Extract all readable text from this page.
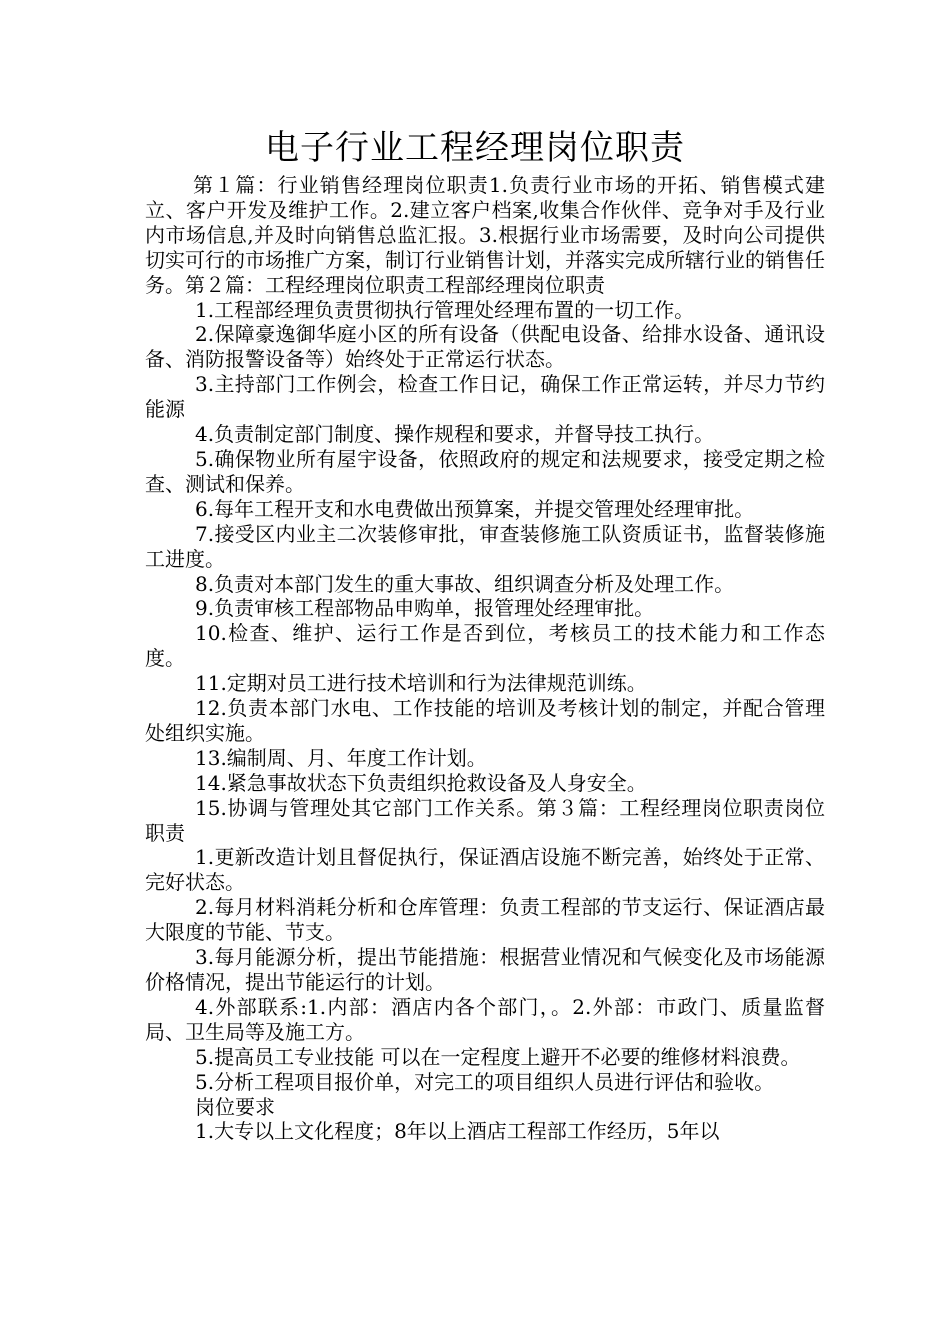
电子行业工程经理岗位职责

第１篇：行业销售经理岗位职责1.负责行业市场的开拓、销售模式建立、客户开发及维护工作。2.建立客户档案,收集合作伙伴、竞争对手及行业内市场信息,并及时向销售总监汇报。3.根据行业市场需要，及时向公司提供切实可行的市场推广方案，制订行业销售计划，并落实完成所辖行业的销售任务。第２篇：工程经理岗位职责工程部经理岗位职责

1.工程部经理负责贯彻执行管理处经理布置的一切工作。

2.保障豪逸御华庭小区的所有设备（供配电设备、给排水设备、通讯设备、消防报警设备等）始终处于正常运行状态。

3.主持部门工作例会，检查工作日记，确保工作正常运转，并尽力节约能源

4.负责制定部门制度、操作规程和要求，并督导技工执行。

5.确保物业所有屋宇设备，依照政府的规定和法规要求，接受定期之检查、测试和保养。

6.每年工程开支和水电费做出预算案，并提交管理处经理审批。

7.接受区内业主二次装修审批，审查装修施工队资质证书，监督装修施工进度。

8.负责对本部门发生的重大事故、组织调查分析及处理工作。

9.负责审核工程部物品申购单，报管理处经理审批。

10.检查、维护、运行工作是否到位，考核员工的技术能力和工作态度。

11.定期对员工进行技术培训和行为法律规范训练。

12.负责本部门水电、工作技能的培训及考核计划的制定，并配合管理处组织实施。

13.编制周、月、年度工作计划。

14.紧急事故状态下负责组织抢救设备及人身安全。

15.协调与管理处其它部门工作关系。第３篇：工程经理岗位职责岗位职责

1.更新改造计划且督促执行，保证酒店设施不断完善，始终处于正常、完好状态。

2.每月材料消耗分析和仓库管理：负责工程部的节支运行、保证酒店最大限度的节能、节支。

3.每月能源分析，提出节能措施：根据营业情况和气候变化及市场能源价格情况，提出节能运行的计划。

4.外部联系:1.内部：酒店内各个部门，。2.外部：市政门、质量监督局、卫生局等及施工方。

5.提高员工专业技能 可以在一定程度上避开不必要的维修材料浪费。

5.分析工程项目报价单，对完工的项目组织人员进行评估和验收。

岗位要求

1.大专以上文化程度；8年以上酒店工程部工作经历，5年以
